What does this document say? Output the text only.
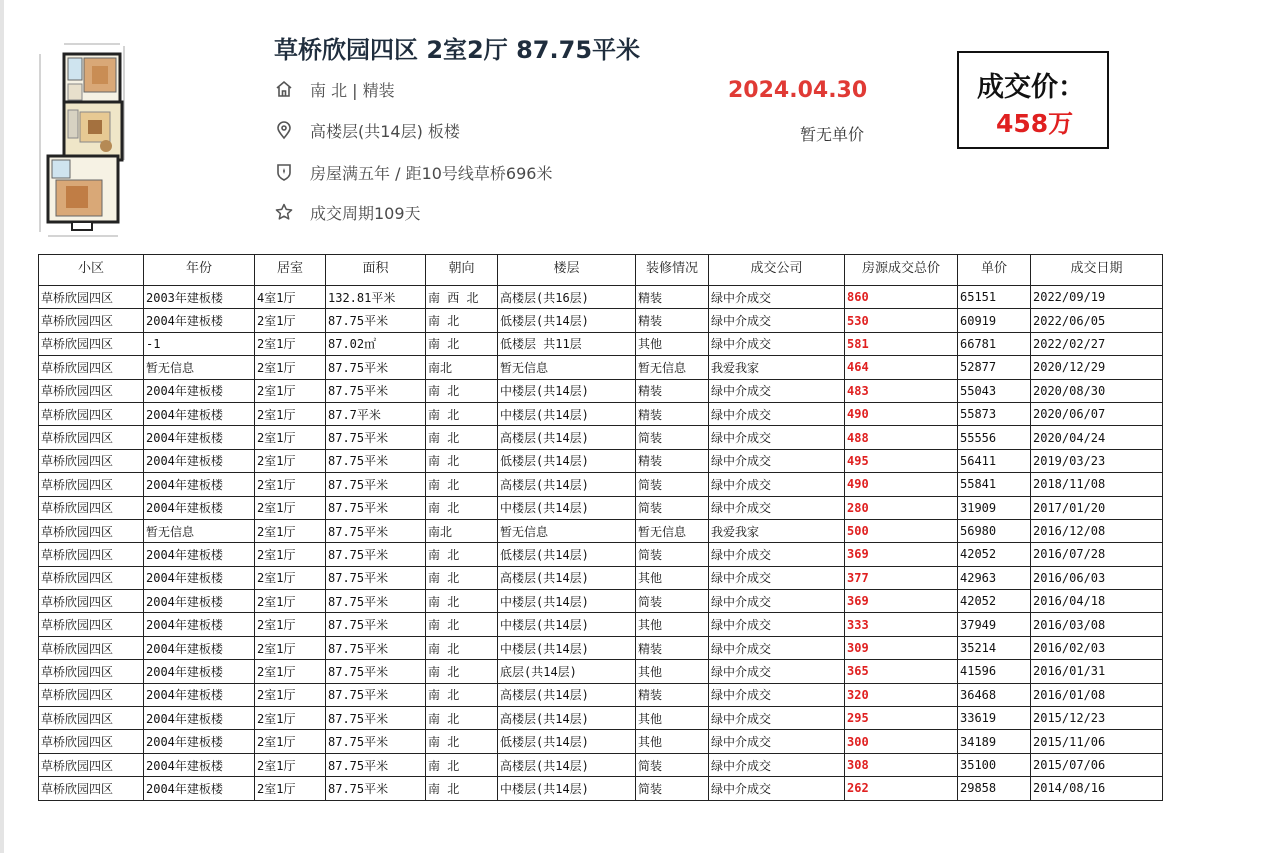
草桥欣园四区 2室2厅 87.75平米
南 北 | 精装
高楼层(共14层) 板楼
房屋满五年 / 距10号线草桥696米
成交周期109天
2024.04.30
暂无单价
成交价：
458万
小区	年份	居室	面积	朝向	楼层	装修情况	成交公司	房源成交总价	单价	成交日期
草桥欣园四区	2003年建板楼	4室1厅	132.81平米	南 西 北	高楼层(共16层)	精装	绿中介成交	860	65151	2022/09/19
草桥欣园四区	2004年建板楼	2室1厅	87.75平米	南 北	低楼层(共14层)	精装	绿中介成交	530	60919	2022/06/05
草桥欣园四区	-1	2室1厅	87.02㎡	南 北	低楼层 共11层	其他	绿中介成交	581	66781	2022/02/27
草桥欣园四区	暂无信息	2室1厅	87.75平米	南北	暂无信息	暂无信息	我爱我家	464	52877	2020/12/29
草桥欣园四区	2004年建板楼	2室1厅	87.75平米	南 北	中楼层(共14层)	精装	绿中介成交	483	55043	2020/08/30
草桥欣园四区	2004年建板楼	2室1厅	87.7平米	南 北	中楼层(共14层)	精装	绿中介成交	490	55873	2020/06/07
草桥欣园四区	2004年建板楼	2室1厅	87.75平米	南 北	高楼层(共14层)	简装	绿中介成交	488	55556	2020/04/24
草桥欣园四区	2004年建板楼	2室1厅	87.75平米	南 北	低楼层(共14层)	精装	绿中介成交	495	56411	2019/03/23
草桥欣园四区	2004年建板楼	2室1厅	87.75平米	南 北	高楼层(共14层)	简装	绿中介成交	490	55841	2018/11/08
草桥欣园四区	2004年建板楼	2室1厅	87.75平米	南 北	中楼层(共14层)	简装	绿中介成交	280	31909	2017/01/20
草桥欣园四区	暂无信息	2室1厅	87.75平米	南北	暂无信息	暂无信息	我爱我家	500	56980	2016/12/08
草桥欣园四区	2004年建板楼	2室1厅	87.75平米	南 北	低楼层(共14层)	简装	绿中介成交	369	42052	2016/07/28
草桥欣园四区	2004年建板楼	2室1厅	87.75平米	南 北	高楼层(共14层)	其他	绿中介成交	377	42963	2016/06/03
草桥欣园四区	2004年建板楼	2室1厅	87.75平米	南 北	中楼层(共14层)	简装	绿中介成交	369	42052	2016/04/18
草桥欣园四区	2004年建板楼	2室1厅	87.75平米	南 北	中楼层(共14层)	其他	绿中介成交	333	37949	2016/03/08
草桥欣园四区	2004年建板楼	2室1厅	87.75平米	南 北	中楼层(共14层)	精装	绿中介成交	309	35214	2016/02/03
草桥欣园四区	2004年建板楼	2室1厅	87.75平米	南 北	底层(共14层)	其他	绿中介成交	365	41596	2016/01/31
草桥欣园四区	2004年建板楼	2室1厅	87.75平米	南 北	高楼层(共14层)	精装	绿中介成交	320	36468	2016/01/08
草桥欣园四区	2004年建板楼	2室1厅	87.75平米	南 北	高楼层(共14层)	其他	绿中介成交	295	33619	2015/12/23
草桥欣园四区	2004年建板楼	2室1厅	87.75平米	南 北	低楼层(共14层)	其他	绿中介成交	300	34189	2015/11/06
草桥欣园四区	2004年建板楼	2室1厅	87.75平米	南 北	高楼层(共14层)	简装	绿中介成交	308	35100	2015/07/06
草桥欣园四区	2004年建板楼	2室1厅	87.75平米	南 北	中楼层(共14层)	简装	绿中介成交	262	29858	2014/08/16
